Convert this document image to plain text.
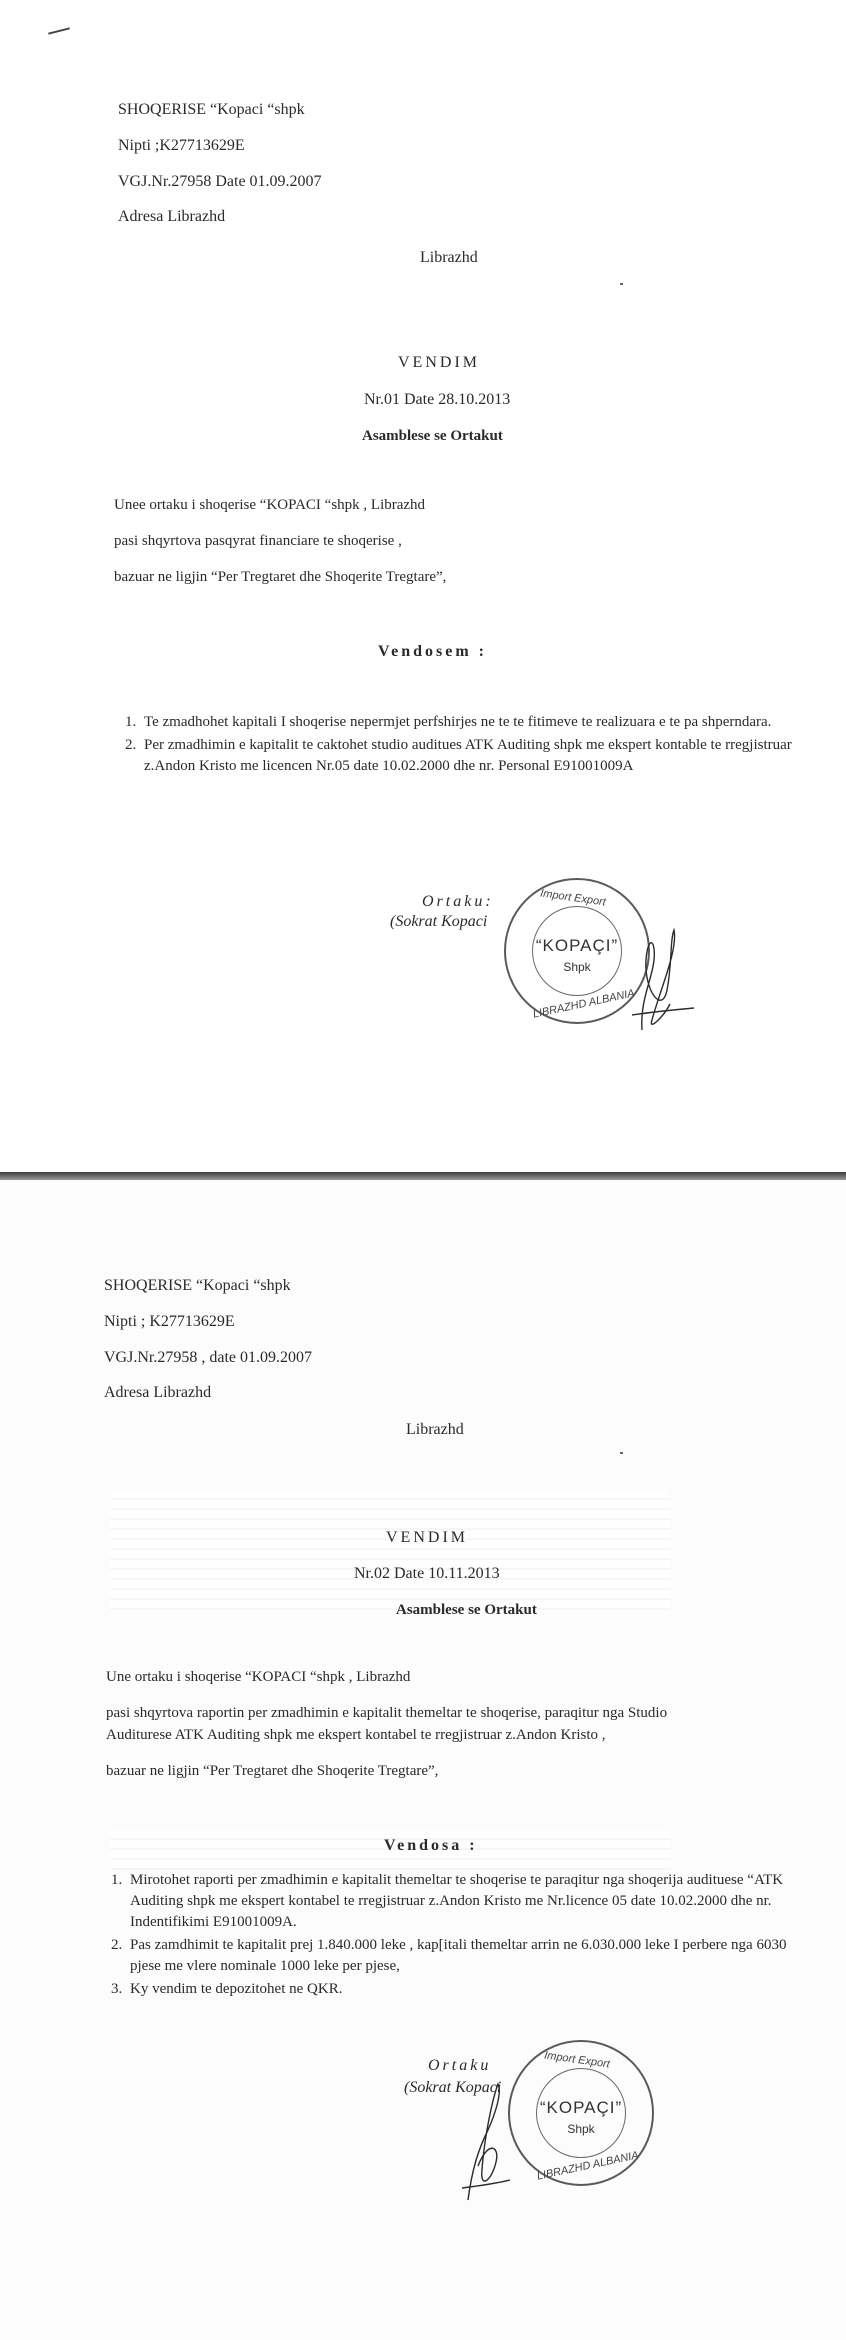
SHOQERISE “Kopaci “shpk
Nipti ;K27713629E
VGJ.Nr.27958 Date 01.09.2007
Adresa Librazhd
Librazhd
VENDIM
Nr.01 Date 28.10.2013
Asamblese se Ortakut
Unee ortaku i shoqerise “KOPACI “shpk , Librazhd
pasi shqyrtova pasqyrat financiare te shoqerise ,
bazuar ne ligjin “Per Tregtaret dhe Shoqerite Tregtare”,
Vendosem :
1. Te zmadhohet kapitali I shoqerise nepermjet perfshirjes ne te te fitimeve te realizuara e te pa shperndara.
2. Per zmadhimin e kapitalit te caktohet studio auditues ATK Auditing shpk me ekspert kontable te rregjistruar z.Andon Kristo me licencen Nr.05 date 10.02.2000 dhe nr. Personal E91001009A
Ortaku:
(Sokrat Kopaci
Import Export
“KOPAÇI”
Shpk
LIBRAZHD ALBANIA
SHOQERISE “Kopaci “shpk
Nipti ; K27713629E
VGJ.Nr.27958 , date 01.09.2007
Adresa Librazhd
Librazhd
VENDIM
Nr.02 Date 10.11.2013
Asamblese se Ortakut
Une ortaku i shoqerise “KOPACI “shpk , Librazhd
pasi shqyrtova raportin per zmadhimin e kapitalit themeltar te shoqerise, paraqitur nga Studio
Auditurese ATK Auditing shpk me ekspert kontabel te rregjistruar z.Andon Kristo ,
bazuar ne ligjin “Per Tregtaret dhe Shoqerite Tregtare”,
Vendosa :
1. Mirotohet raporti per zmadhimin e kapitalit themeltar te shoqerise te paraqitur nga shoqerija audituese “ATK Auditing shpk me ekspert kontabel te rregjistruar z.Andon Kristo me Nr.licence 05 date 10.02.2000 dhe nr. Indentifikimi E91001009A.
2. Pas zamdhimit te kapitalit prej 1.840.000 leke , kap[itali themeltar arrin ne 6.030.000 leke I perbere nga 6030 pjese me vlere nominale 1000 leke per pjese,
3. Ky vendim te depozitohet ne QKR.
Ortaku
(Sokrat Kopaci
Import Export
“KOPAÇI”
Shpk
LIBRAZHD ALBANIA
